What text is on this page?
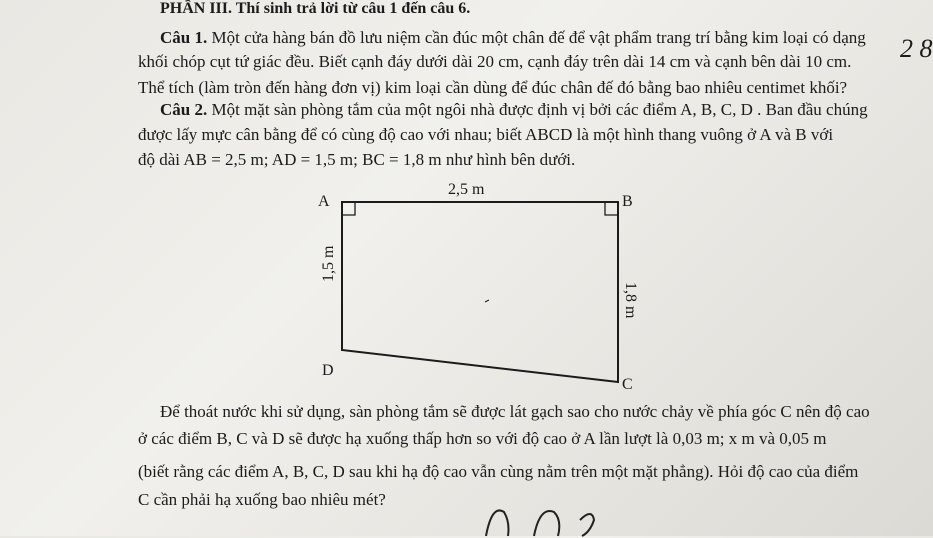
PHẦN III. Thí sinh trả lời từ câu 1 đến câu 6.
Câu 1. Một cửa hàng bán đồ lưu niệm cần đúc một chân đế để vật phẩm trang trí bằng kim loại có dạng
khối chóp cụt tứ giác đều. Biết cạnh đáy dưới dài 20 cm, cạnh đáy trên dài 14 cm và cạnh bên dài 10 cm.
Thể tích (làm tròn đến hàng đơn vị) kim loại cần dùng để đúc chân đế đó bằng bao nhiêu centimet khối?
2 8
Câu 2. Một mặt sàn phòng tắm của một ngôi nhà được định vị bởi các điểm A, B, C, D . Ban đầu chúng
được lấy mực cân bằng để có cùng độ cao với nhau; biết ABCD là một hình thang vuông ở A và B với
độ dài AB = 2,5 m; AD = 1,5 m; BC = 1,8 m như hình bên dưới.
A	B
D
C
2,5 m
1,5 m
1,8 m
Để thoát nước khi sử dụng, sàn phòng tắm sẽ được lát gạch sao cho nước chảy về phía góc C nên độ cao
ở các điểm B, C và D sẽ được hạ xuống thấp hơn so với độ cao ở A lần lượt là 0,03 m; x m và 0,05 m
(biết rằng các điểm A, B, C, D sau khi hạ độ cao vẫn cùng nằm trên một mặt phẳng). Hỏi độ cao của điểm
C cần phải hạ xuống bao nhiêu mét?
